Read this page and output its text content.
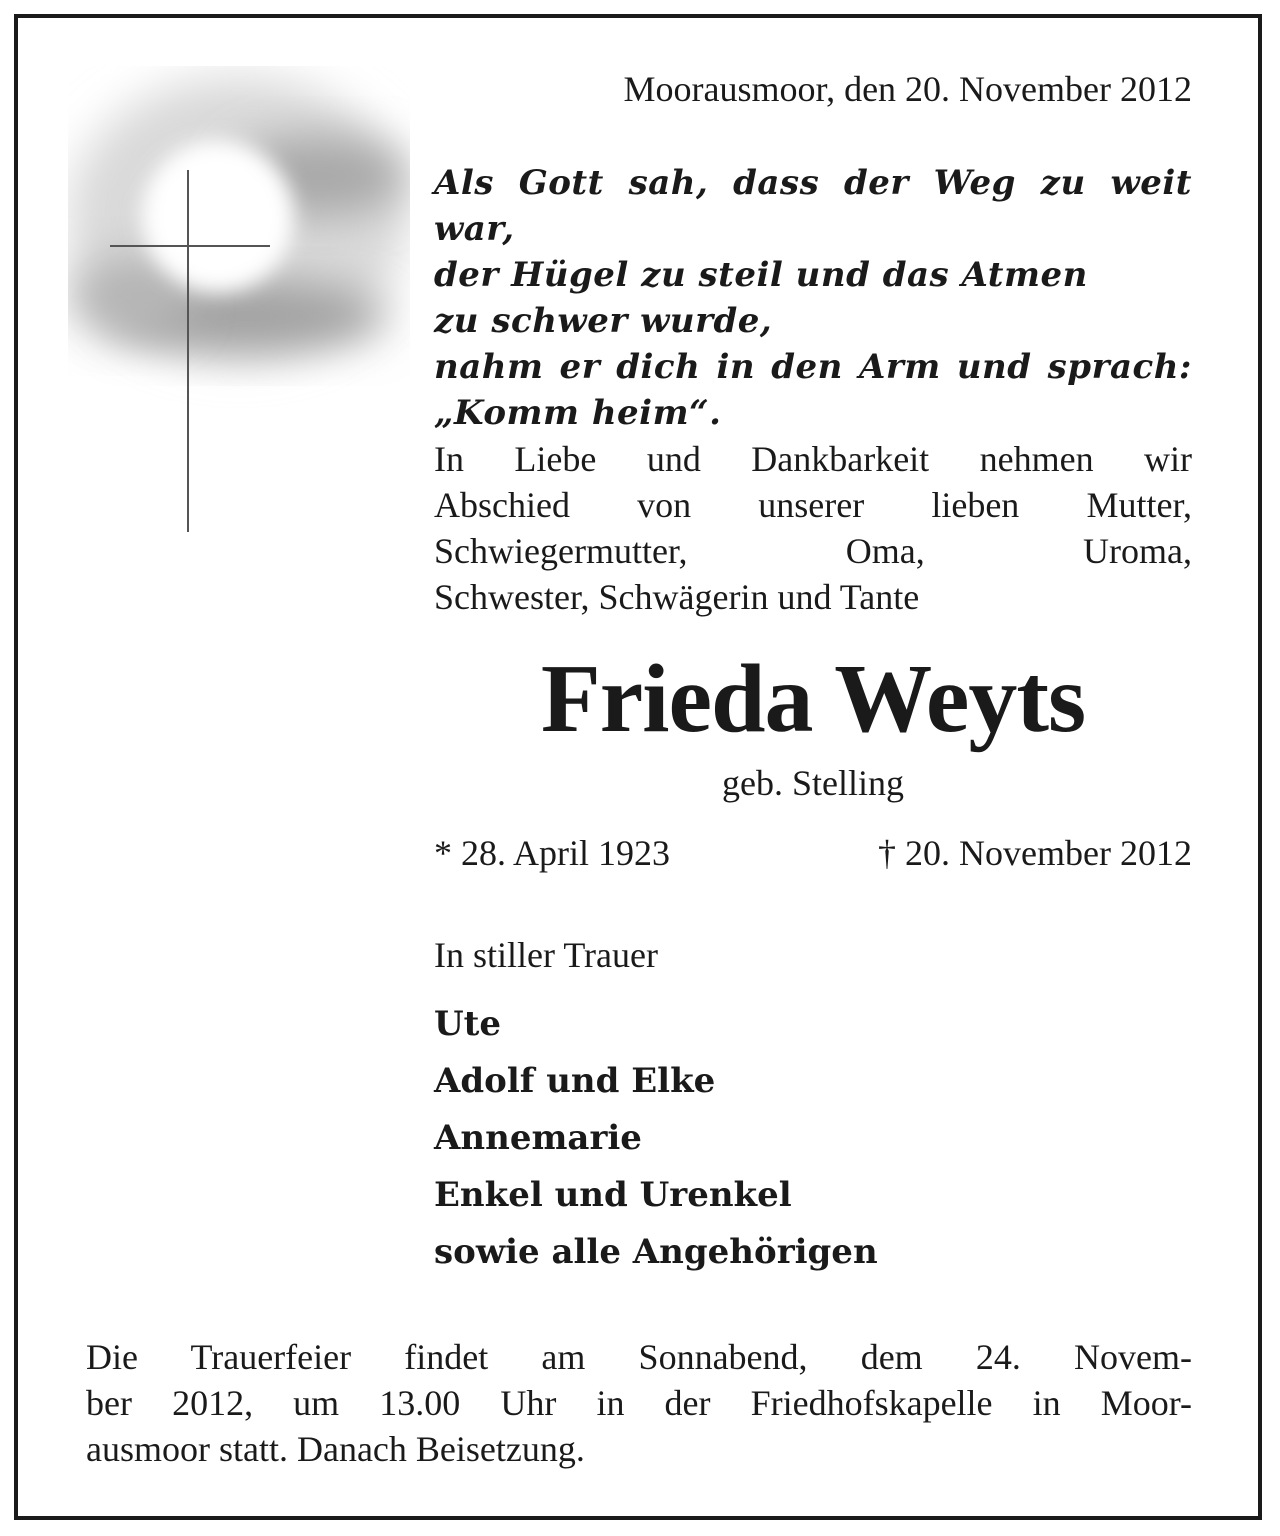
Moorausmoor, den 20. November 2012
Als Gott sah, dass der Weg zu weit war,
der Hügel zu steil und das Atmen
zu schwer wurde,
nahm er dich in den Arm und sprach:
„Komm heim“.
In Liebe und Dankbarkeit nehmen wir
Abschied von unserer lieben Mutter,
Schwiegermutter, Oma, Uroma,
Schwester, Schwägerin und Tante
Frieda Weyts
geb. Stelling
* 28. April 1923	† 20. November 2012
In stiller Trauer
Ute
Adolf und Elke
Annemarie
Enkel und Urenkel
sowie alle Angehörigen
Die Trauerfeier findet am Sonnabend, dem 24. Novem-
ber 2012, um 13.00 Uhr in der Friedhofskapelle in Moor-
ausmoor statt. Danach Beisetzung.
